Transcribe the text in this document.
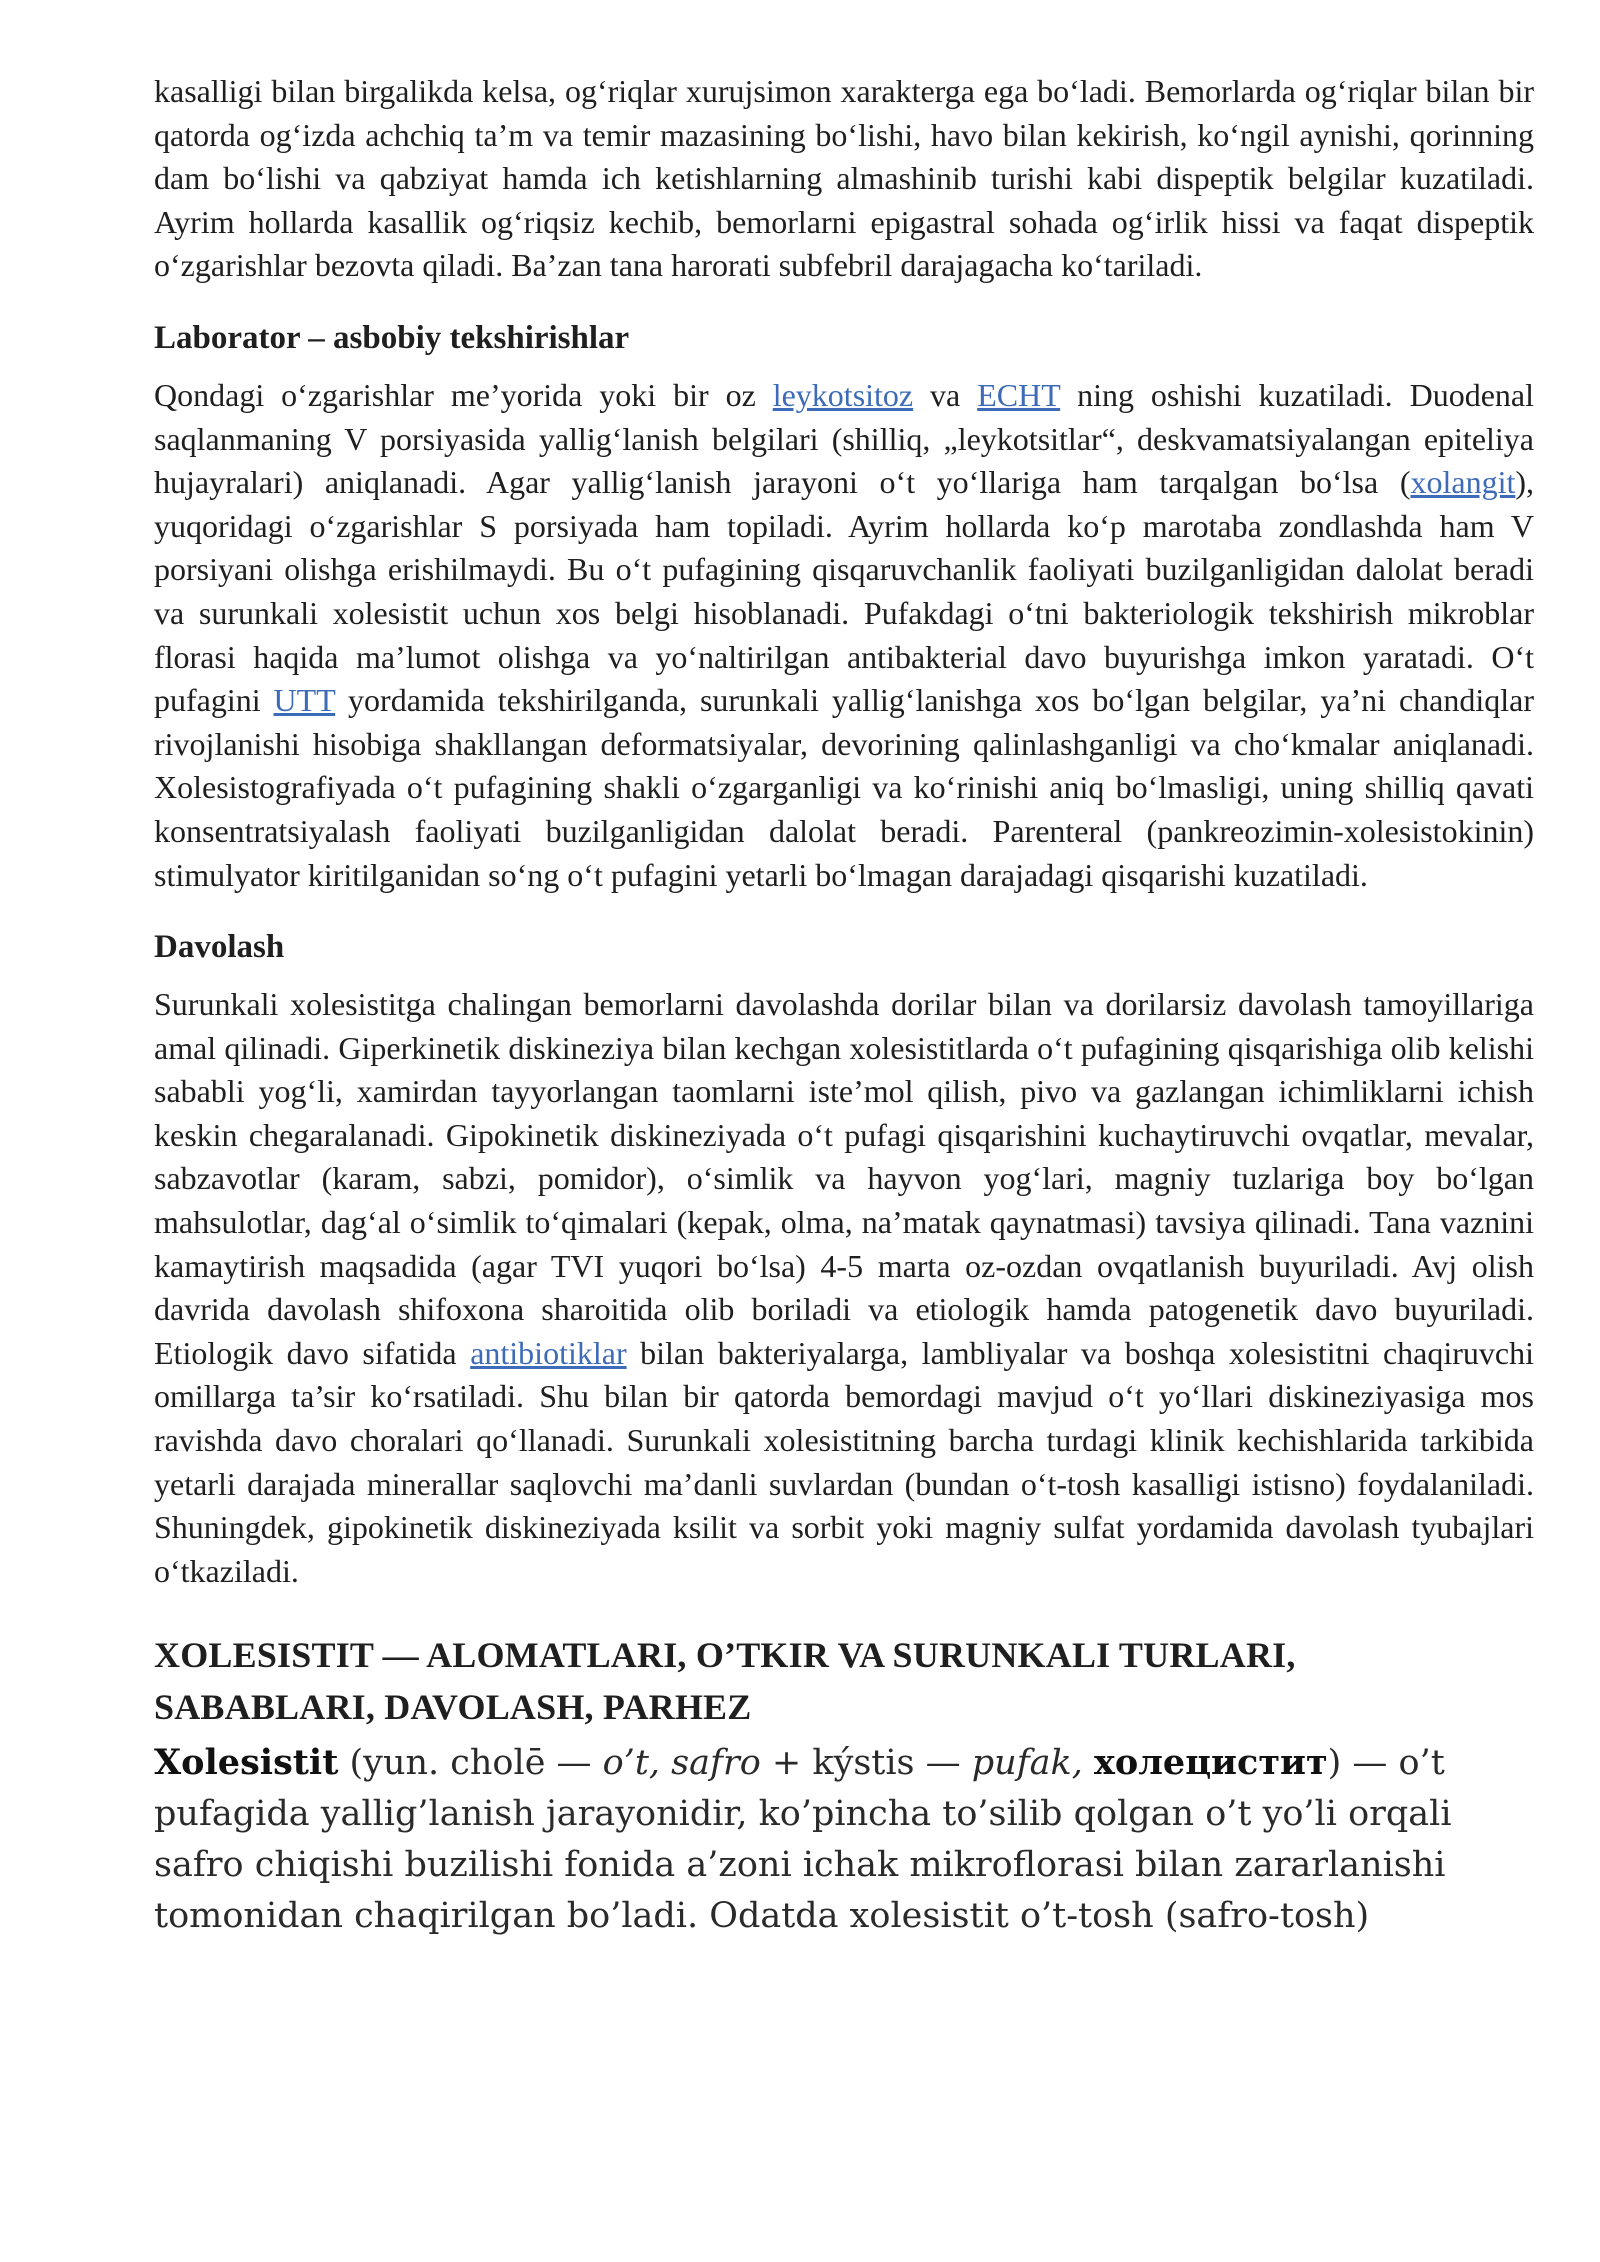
kasalligi bilan birgalikda kelsa, og‘riqlar xurujsimon xarakterga ega bo‘ladi. Bemorlarda og‘riqlar bilan bir qatorda og‘izda achchiq ta’m va temir mazasining bo‘lishi, havo bilan kekirish, ko‘ngil aynishi, qorinning dam bo‘lishi va qabziyat hamda ich ketishlarning almashinib turishi kabi dispeptik belgilar kuzatiladi. Ayrim hollarda kasallik og‘riqsiz kechib, bemorlarni epigastral sohada og‘irlik hissi va faqat dispeptik o‘zgarishlar bezovta qiladi. Ba’zan tana harorati subfebril darajagacha ko‘tariladi.

Laborator – asbobiy tekshirishlar

Qondagi o‘zgarishlar me’yorida yoki bir oz leykotsitoz va ECHT ning oshishi kuzatiladi. Duodenal saqlanmaning V porsiyasida yallig‘lanish belgilari (shilliq, „leykotsitlar“, deskvamatsiyalangan epiteliya hujayralari) aniqlanadi. Agar yallig‘lanish jarayoni o‘t yo‘llariga ham tarqalgan bo‘lsa (xolangit), yuqoridagi o‘zgarishlar S porsiyada ham topiladi. Ayrim hollarda ko‘p marotaba zondlashda ham V porsiyani olishga erishilmaydi. Bu o‘t pufagining qisqaruvchanlik faoliyati buzilganligidan dalolat beradi va surunkali xolesistit uchun xos belgi hisoblanadi. Pufakdagi o‘tni bakteriologik tekshirish mikroblar florasi haqida ma’lumot olishga va yo‘naltirilgan antibakterial davo buyurishga imkon yaratadi. O‘t pufagini UTT yordamida tekshirilganda, surunkali yallig‘lanishga xos bo‘lgan belgilar, ya’ni chandiqlar rivojlanishi hisobiga shakllangan deformatsiyalar, devorining qalinlashganligi va cho‘kmalar aniqlanadi. Xolesistografiyada o‘t pufagining shakli o‘zgarganligi va ko‘rinishi aniq bo‘lmasligi, uning shilliq qavati konsentratsiyalash faoliyati buzilganligidan dalolat beradi. Parenteral (pankreozimin-xolesistokinin) stimulyator kiritilganidan so‘ng o‘t pufagini yetarli bo‘lmagan darajadagi qisqarishi kuzatiladi.

Davolash

Surunkali xolesistitga chalingan bemorlarni davolashda dorilar bilan va dorilarsiz davolash tamoyillariga amal qilinadi. Giperkinetik diskineziya bilan kechgan xolesistitlarda o‘t pufagining qisqarishiga olib kelishi sababli yog‘li, xamirdan tayyorlangan taomlarni iste’mol qilish, pivo va gazlangan ichimliklarni ichish keskin chegaralanadi. Gipokinetik diskineziyada o‘t pufagi qisqarishini kuchaytiruvchi ovqatlar, mevalar, sabzavotlar (karam, sabzi, pomidor), o‘simlik va hayvon yog‘lari, magniy tuzlariga boy bo‘lgan mahsulotlar, dag‘al o‘simlik to‘qimalari (kepak, olma, na’matak qaynatmasi) tavsiya qilinadi. Tana vaznini kamaytirish maqsadida (agar TVI yuqori bo‘lsa) 4-5 marta oz-ozdan ovqatlanish buyuriladi. Avj olish davrida davolash shifoxona sharoitida olib boriladi va etiologik hamda patogenetik davo buyuriladi. Etiologik davo sifatida antibiotiklar bilan bakteriyalarga, lambliyalar va boshqa xolesistitni chaqiruvchi omillarga ta’sir ko‘rsatiladi. Shu bilan bir qatorda bemordagi mavjud o‘t yo‘llari diskineziyasiga mos ravishda davo choralari qo‘llanadi. Surunkali xolesistitning barcha turdagi klinik kechishlarida tarkibida yetarli darajada minerallar saqlovchi ma’danli suvlardan (bundan o‘t-tosh kasalligi istisno) foydalaniladi. Shuningdek, gipokinetik diskineziyada ksilit va sorbit yoki magniy sulfat yordamida davolash tyubajlari o‘tkaziladi.

XOLESISTIT — ALOMATLARI, O’TKIR VA SURUNKALI TURLARI,
SABABLARI, DAVOLASH, PARHEZ

Xolesistit (yun. cholē — o’t, safro + kýstis — pufak, холецистит) — o’t pufagida yallig’lanish jarayonidir, ko’pincha to’silib qolgan o’t yo’li orqali safro chiqishi buzilishi fonida a’zoni ichak mikroflorasi bilan zararlanishi tomonidan chaqirilgan bo’ladi. Odatda xolesistit o’t-tosh (safro-tosh)
